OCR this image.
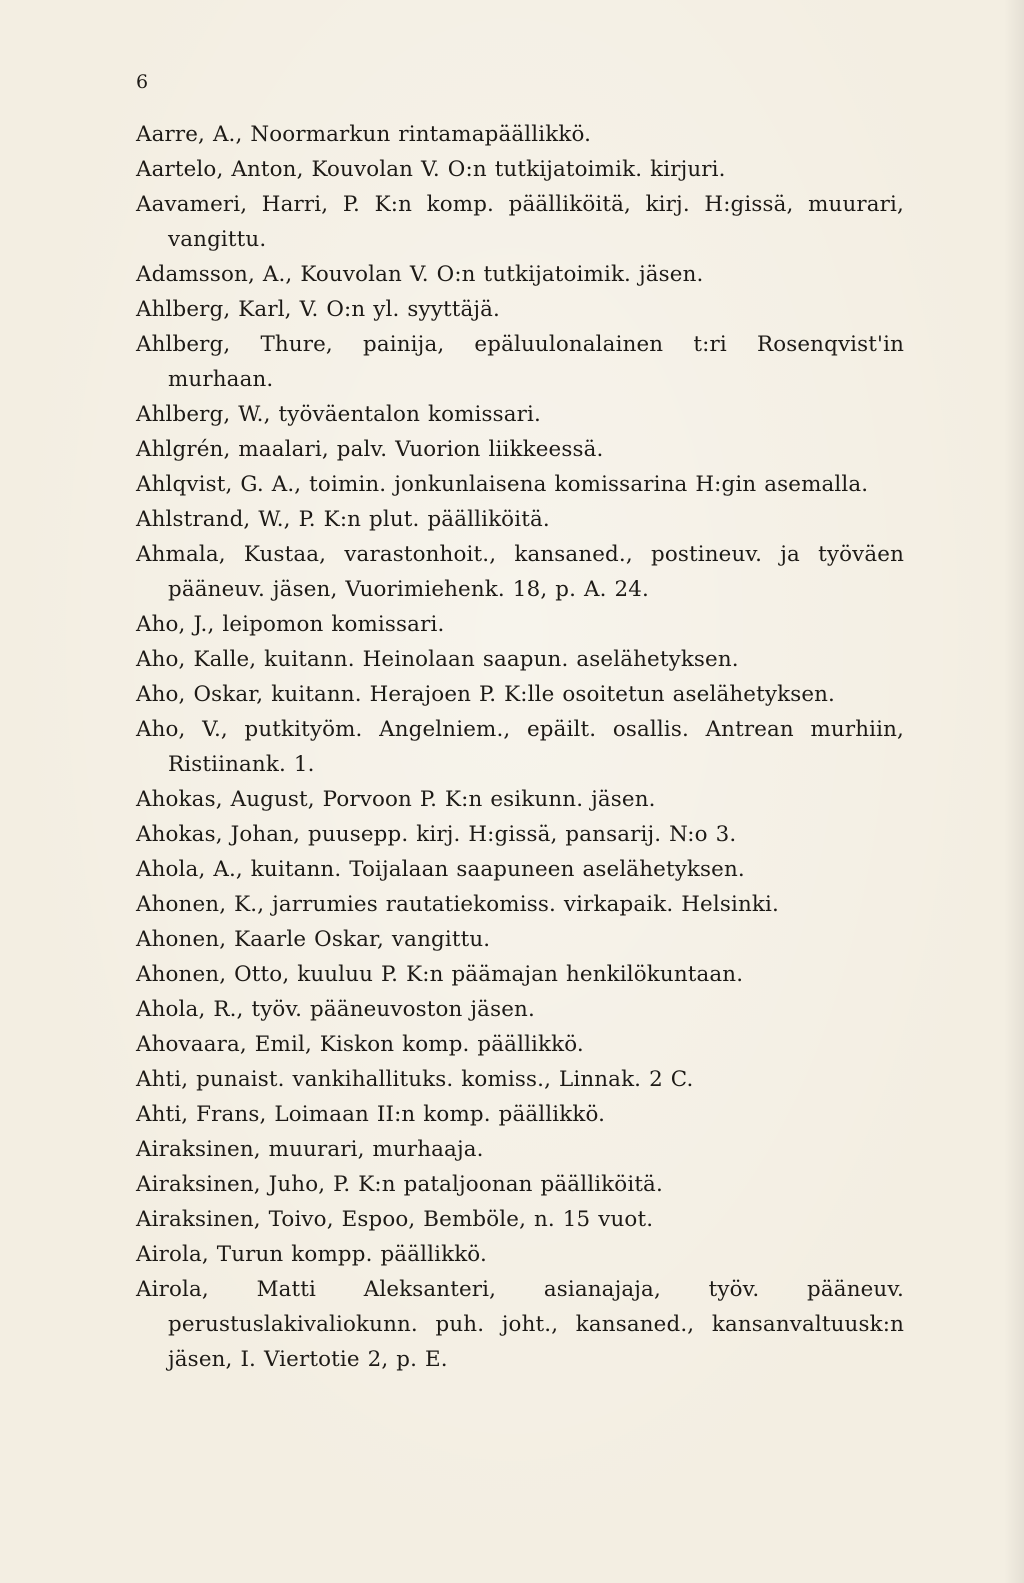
6
Aarre, A., Noormarkun rintamapäällikkö.
Aartelo, Anton, Kouvolan V. O:n tutkijatoimik. kirjuri.
Aavameri, Harri, P. K:n komp. päälliköitä, kirj. H:gissä, muurari, vangittu.
Adamsson, A., Kouvolan V. O:n tutkijatoimik. jäsen.
Ahlberg, Karl, V. O:n yl. syyttäjä.
Ahlberg, Thure, painija, epäluulonalainen t:ri Rosenqvist'in murhaan.
Ahlberg, W., työväentalon komissari.
Ahlgrén, maalari, palv. Vuorion liikkeessä.
Ahlqvist, G. A., toimin. jonkunlaisena komissarina H:gin asemalla.
Ahlstrand, W., P. K:n plut. päälliköitä.
Ahmala, Kustaa, varastonhoit., kansaned., postineuv. ja työväen pääneuv. jäsen, Vuorimiehenk. 18, p. A. 24.
Aho, J., leipomon komissari.
Aho, Kalle, kuitann. Heinolaan saapun. aselähetyksen.
Aho, Oskar, kuitann. Herajoen P. K:lle osoitetun aselähetyksen.
Aho, V., putkityöm. Angelniem., epäilt. osallis. Antrean murhiin, Ristiinank. 1.
Ahokas, August, Porvoon P. K:n esikunn. jäsen.
Ahokas, Johan, puusepp. kirj. H:gissä, pansarij. N:o 3.
Ahola, A., kuitann. Toijalaan saapuneen aselähetyksen.
Ahonen, K., jarrumies rautatiekomiss. virkapaik. Helsinki.
Ahonen, Kaarle Oskar, vangittu.
Ahonen, Otto, kuuluu P. K:n päämajan henkilökuntaan.
Ahola, R., työv. pääneuvoston jäsen.
Ahovaara, Emil, Kiskon komp. päällikkö.
Ahti, punaist. vankihallituks. komiss., Linnak. 2 C.
Ahti, Frans, Loimaan II:n komp. päällikkö.
Airaksinen, muurari, murhaaja.
Airaksinen, Juho, P. K:n pataljoonan päälliköitä.
Airaksinen, Toivo, Espoo, Bemböle, n. 15 vuot.
Airola, Turun kompp. päällikkö.
Airola, Matti Aleksanteri, asianajaja, työv. pääneuv. perustuslakivaliokunn. puh. joht., kansaned., kansanvaltuusk:n jäsen, I. Viertotie 2, p. E.
